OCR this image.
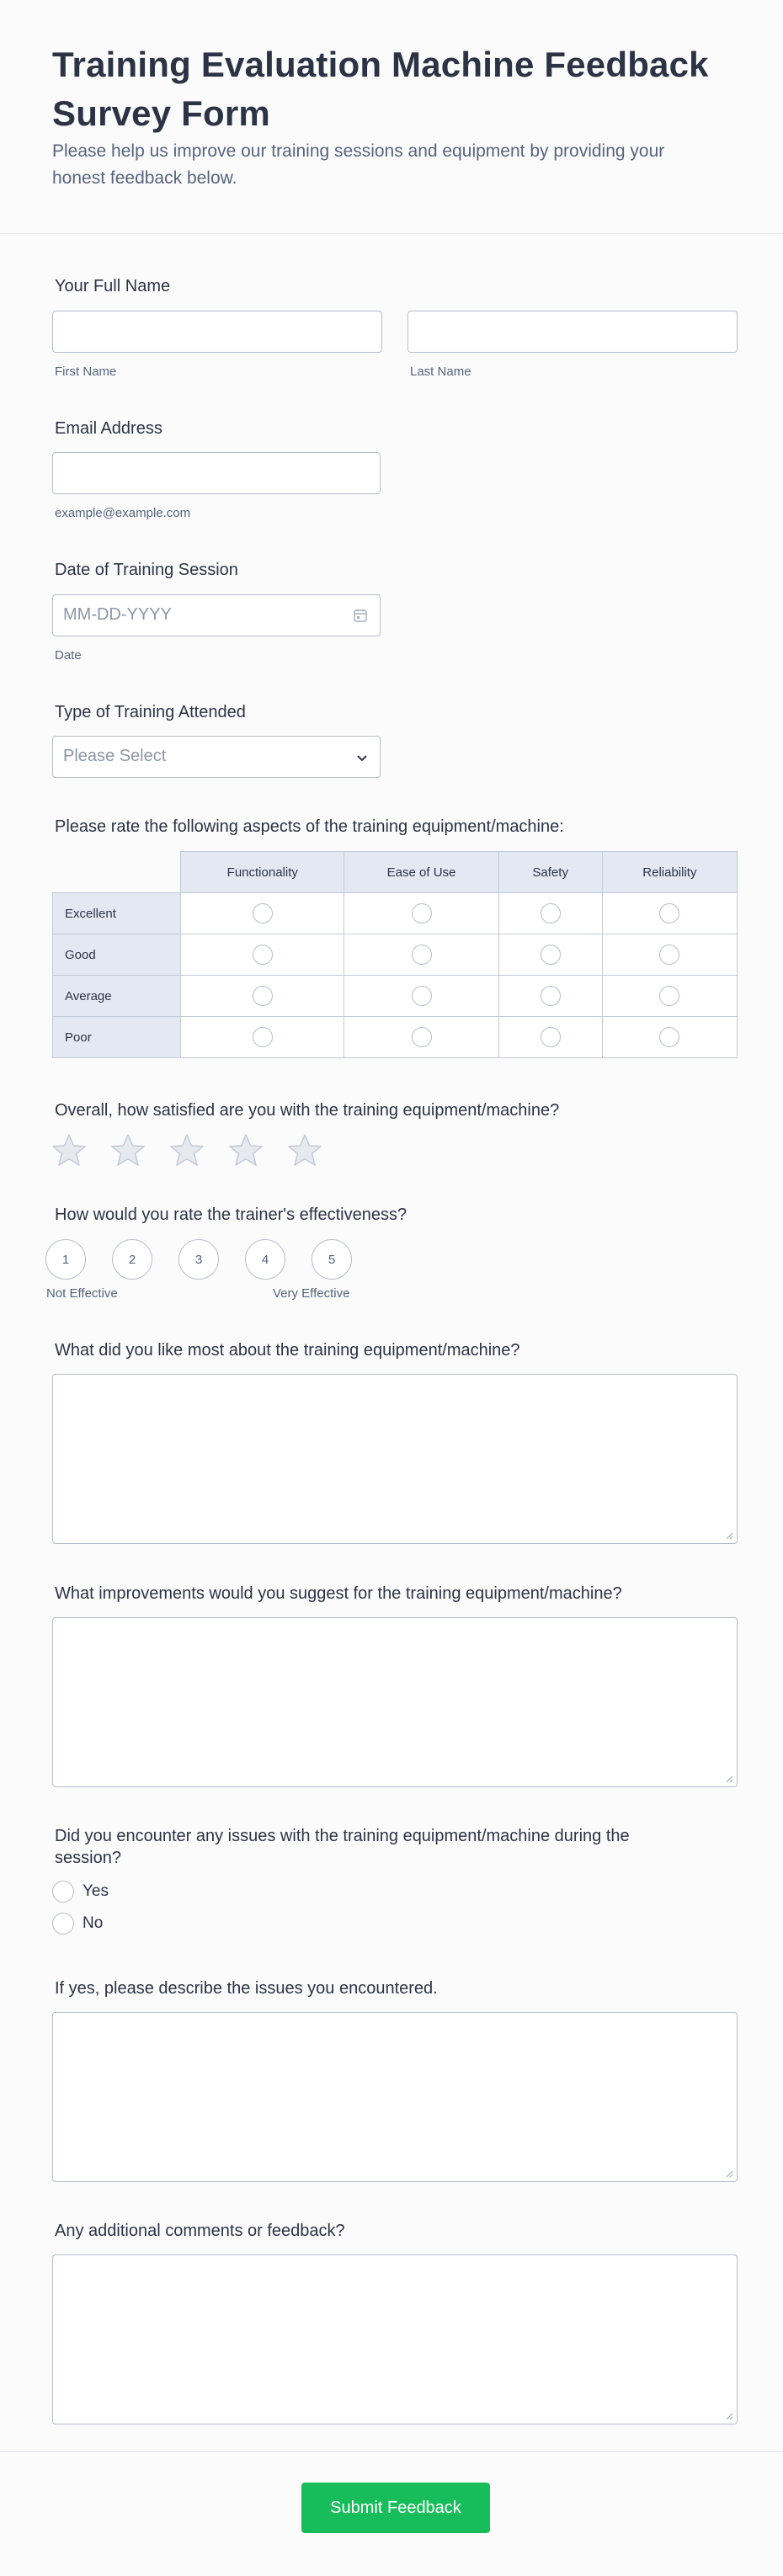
Training Evaluation Machine Feedback Survey Form

Please help us improve our training sessions and equipment by providing your honest feedback below.

Your Full Name
First Name	Last Name
Email Address
example@example.com
Date of Training Session
MM-DD-YYYY
Date
Type of Training Attended
Please Select
Please rate the following aspects of the training equipment/machine:
	Functionality	Ease of Use	Safety	Reliability
Excellent				
Good				
Average				
Poor				
Overall, how satisfied are you with the training equipment/machine?
How would you rate the trainer's effectiveness?
1	2	3	4	5
Not Effective	Very Effective
What did you like most about the training equipment/machine?
What improvements would you suggest for the training equipment/machine?
Did you encounter any issues with the training equipment/machine during the session?
Yes
No
If yes, please describe the issues you encountered.
Any additional comments or feedback?
Submit Feedback
